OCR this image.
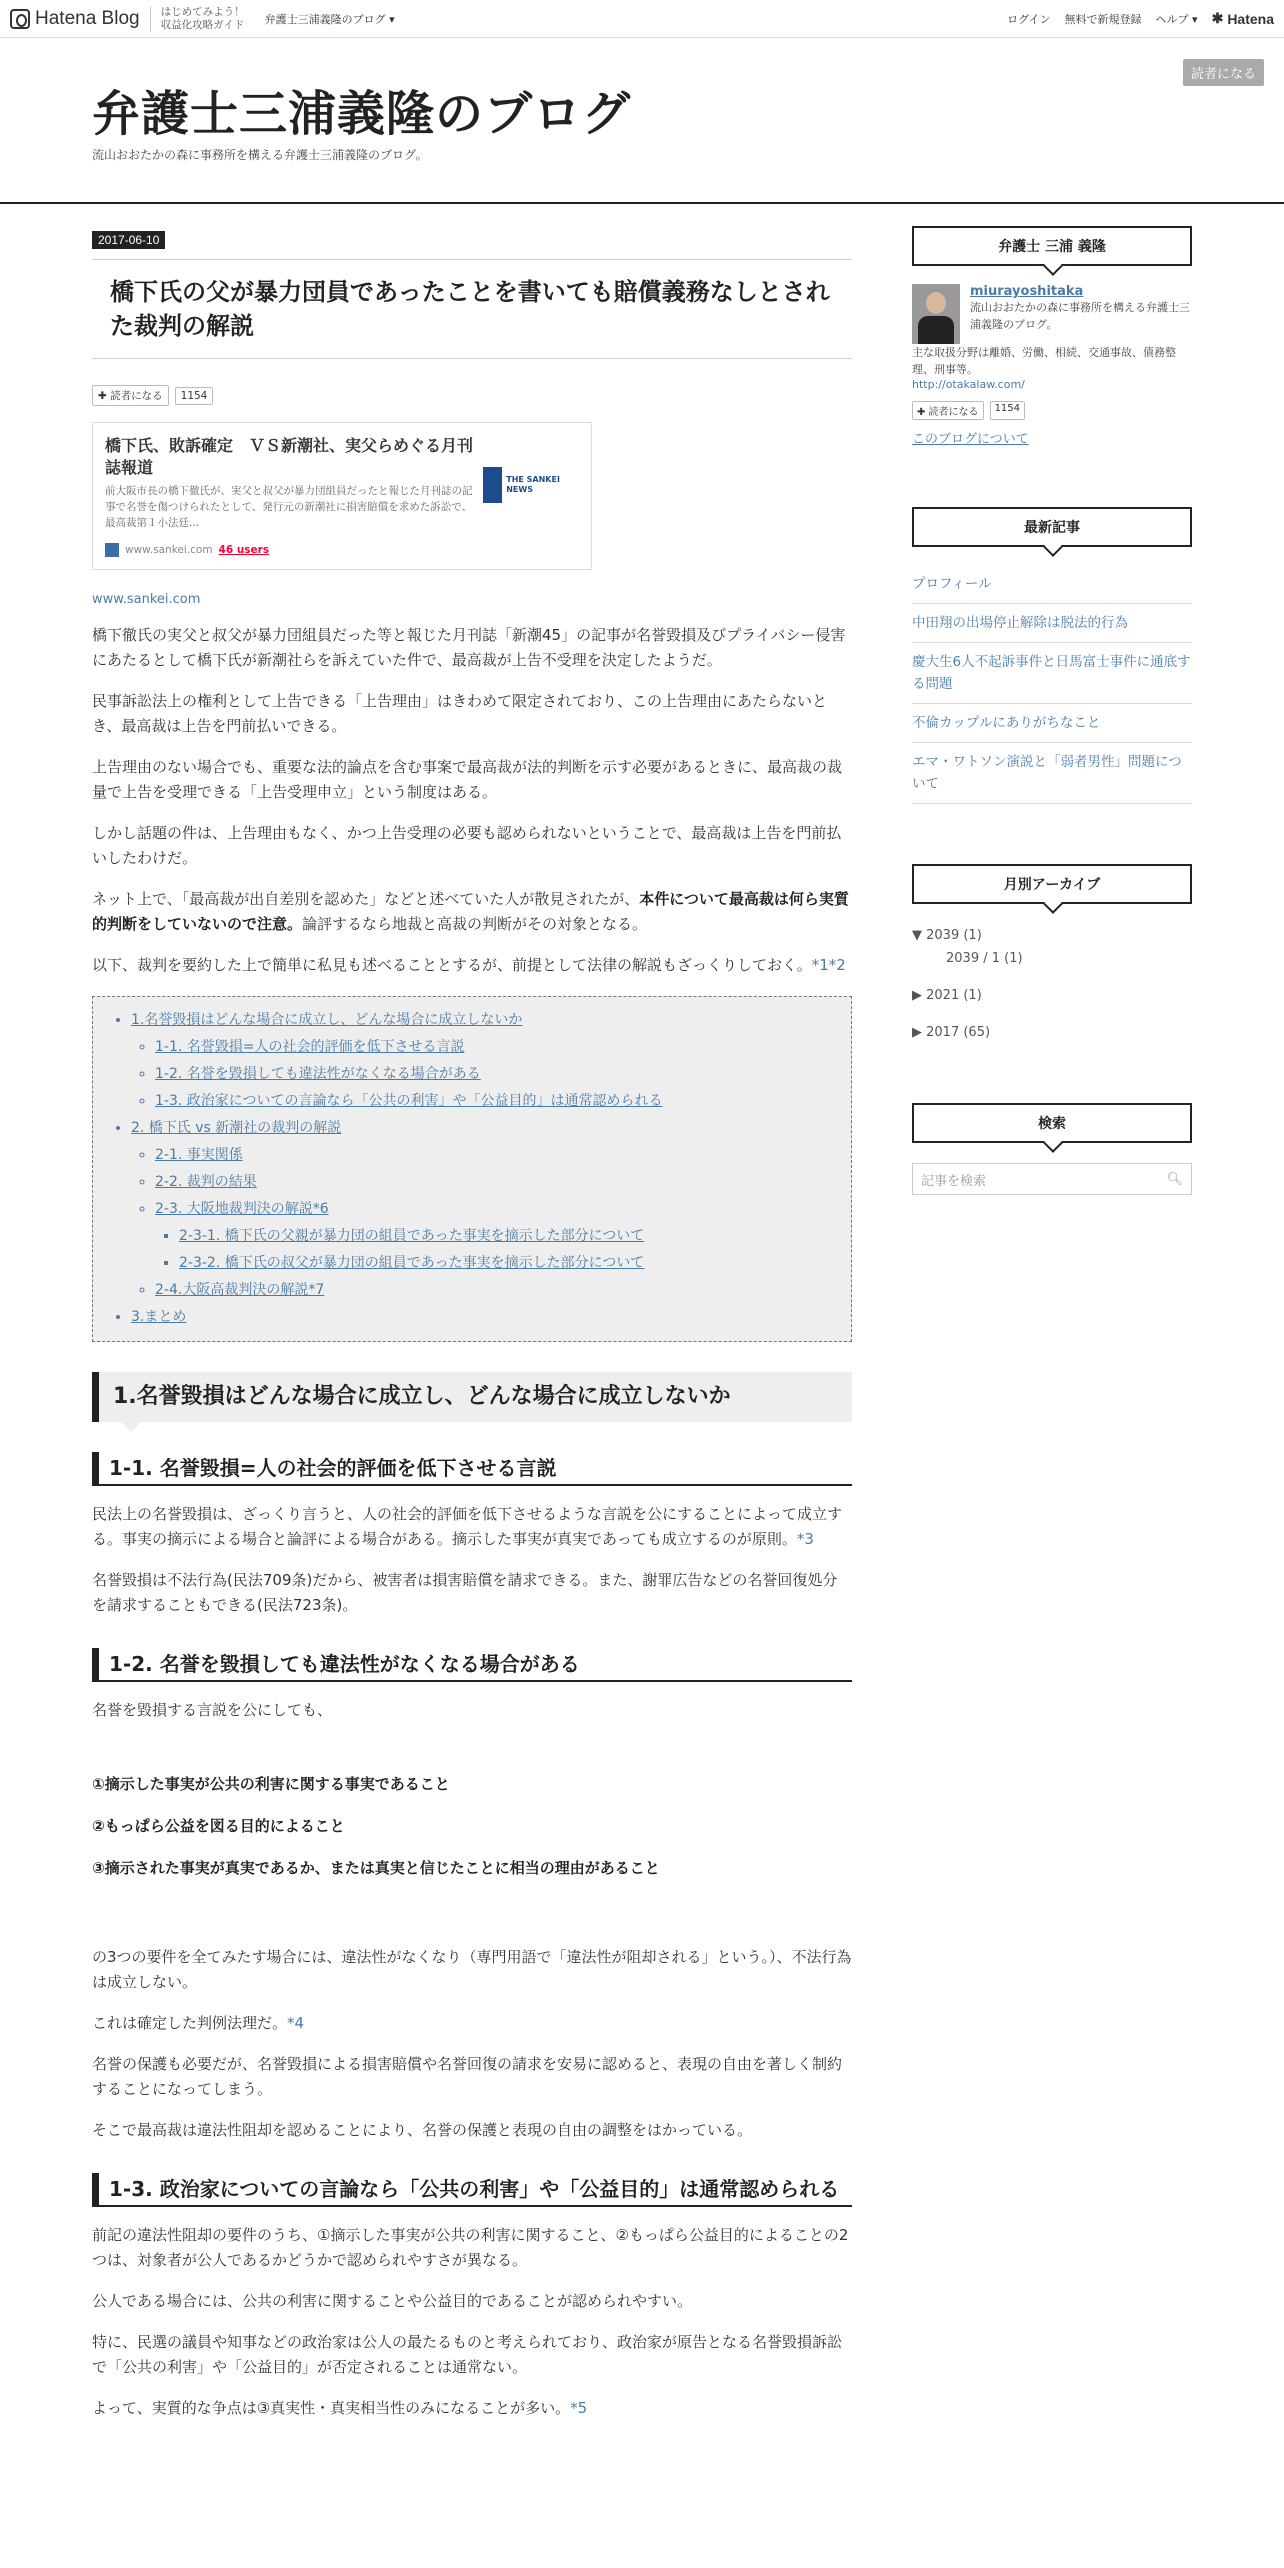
Hatena Blog はじめてみよう！
収益化攻略ガイド 弁護士三浦義隆のブログ ▾	ログイン 無料で新規登録 ヘルプ ▾ ✱ Hatena
弁護士三浦義隆のブログ
流山おおたかの森に事務所を構える弁護士三浦義隆のブログ。
読者になる
2017-06-10
橋下氏の父が暴力団員であったことを書いても賠償義務なしとされた裁判の解説
✚ 読者になる	1154
橋下氏、敗訴確定　ＶＳ新潮社、実父らめぐる月刊誌報道
前大阪市長の橋下徹氏が、実父と叔父が暴力団組員だったと報じた月刊誌の記事で名誉を傷つけられたとして、発行元の新潮社に損害賠償を求めた訴訟で、最高裁第１小法廷...
www.sankei.com 46 users
THE SANKEI NEWS
www.sankei.com

橋下徹氏の実父と叔父が暴力団組員だった等と報じた月刊誌「新潮45」の記事が名誉毀損及びプライバシー侵害にあたるとして橋下氏が新潮社らを訴えていた件で、最高裁が上告不受理を決定したようだ。

民事訴訟法上の権利として上告できる「上告理由」はきわめて限定されており、この上告理由にあたらないとき、最高裁は上告を門前払いできる。

上告理由のない場合でも、重要な法的論点を含む事案で最高裁が法的判断を示す必要があるときに、最高裁の裁量で上告を受理できる「上告受理申立」という制度はある。

しかし話題の件は、上告理由もなく、かつ上告受理の必要も認められないということで、最高裁は上告を門前払いしたわけだ。

ネット上で、「最高裁が出自差別を認めた」などと述べていた人が散見されたが、本件について最高裁は何ら実質的判断をしていないので注意。論評するなら地裁と高裁の判断がその対象となる。

以下、裁判を要約した上で簡単に私見も述べることとするが、前提として法律の解説もざっくりしておく。*1*2

• 1.名誉毀損はどんな場合に成立し、どんな場合に成立しないか
◦ 1-1. 名誉毀損=人の社会的評価を低下させる言説
◦ 1-2. 名誉を毀損しても違法性がなくなる場合がある
◦ 1-3. 政治家についての言論なら「公共の利害」や「公益目的」は通常認められる
• 2. 橋下氏 vs 新潮社の裁判の解説
◦ 2-1. 事実関係
◦ 2-2. 裁判の結果
◦ 2-3. 大阪地裁判決の解説*6
▪ 2-3-1. 橋下氏の父親が暴力団の組員であった事実を摘示した部分について
▪ 2-3-2. 橋下氏の叔父が暴力団の組員であった事実を摘示した部分について
◦ 2-4.大阪高裁判決の解説*7
• 3.まとめ
1.名誉毀損はどんな場合に成立し、どんな場合に成立しないか
1-1. 名誉毀損=人の社会的評価を低下させる言説

民法上の名誉毀損は、ざっくり言うと、人の社会的評価を低下させるような言説を公にすることによって成立する。事実の摘示による場合と論評による場合がある。摘示した事実が真実であっても成立するのが原則。*3

名誉毀損は不法行為(民法709条)だから、被害者は損害賠償を請求できる。また、謝罪広告などの名誉回復処分を請求することもできる(民法723条)。

1-2. 名誉を毀損しても違法性がなくなる場合がある

名誉を毀損する言説を公にしても、

①摘示した事実が公共の利害に関する事実であること

②もっぱら公益を図る目的によること

③摘示された事実が真実であるか、または真実と信じたことに相当の理由があること

の3つの要件を全てみたす場合には、違法性がなくなり（専門用語で「違法性が阻却される」という。）、不法行為は成立しない。

これは確定した判例法理だ。*4

名誉の保護も必要だが、名誉毀損による損害賠償や名誉回復の請求を安易に認めると、表現の自由を著しく制約することになってしまう。

そこで最高裁は違法性阻却を認めることにより、名誉の保護と表現の自由の調整をはかっている。

1-3. 政治家についての言論なら「公共の利害」や「公益目的」は通常認められる

前記の違法性阻却の要件のうち、①摘示した事実が公共の利害に関すること、②もっぱら公益目的によることの2つは、対象者が公人であるかどうかで認められやすさが異なる。

公人である場合には、公共の利害に関することや公益目的であることが認められやすい。

特に、民選の議員や知事などの政治家は公人の最たるものと考えられており、政治家が原告となる名誉毀損訴訟で「公共の利害」や「公益目的」が否定されることは通常ない。

よって、実質的な争点は③真実性・真実相当性のみになることが多い。*5

弁護士 三浦 義隆
miurayoshitaka
流山おおたかの森に事務所を構える弁護士三浦義隆のブログ。
主な取扱分野は離婚、労働、相続、交通事故、債務整理、刑事等。
http://otakalaw.com/
✚ 読者になる	1154
このブログについて
最新記事
プロフィール
中田翔の出場停止解除は脱法的行為
慶大生6人不起訴事件と日馬富士事件に通底する問題
不倫カップルにありがちなこと
エマ・ワトソン演説と「弱者男性」問題について
月別アーカイブ
▼ 2039 (1)
2039 / 1 (1)
▶ 2021 (1)
▶ 2017 (65)
検索
記事を検索	🔍︎
